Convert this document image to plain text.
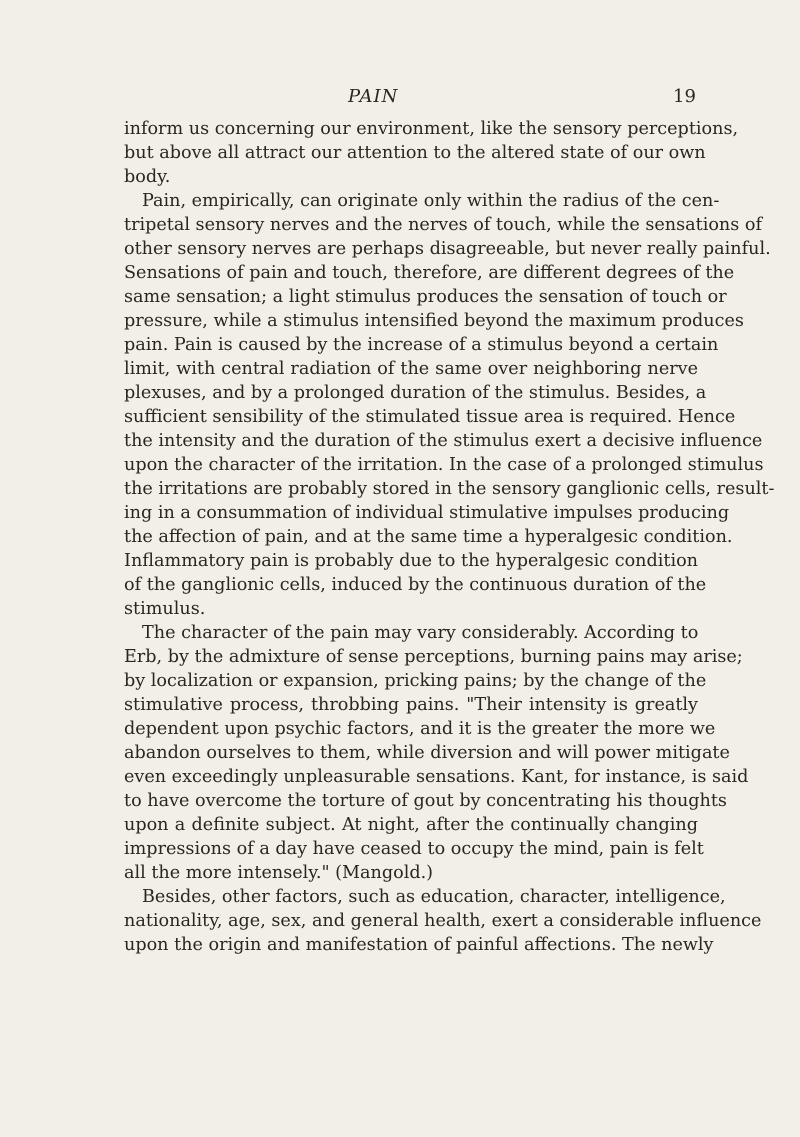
PAIN	19
inform us concerning our environment, like the sensory perceptions,
but above all attract our attention to the altered state of our own
body.
Pain, empirically, can originate only within the radius of the cen-
tripetal sensory nerves and the nerves of touch, while the sensations of
other sensory nerves are perhaps disagreeable, but never really painful.
Sensations of pain and touch, therefore, are different degrees of the
same sensation; a light stimulus produces the sensation of touch or
pressure, while a stimulus intensified beyond the maximum produces
pain. Pain is caused by the increase of a stimulus beyond a certain
limit, with central radiation of the same over neighboring nerve
plexuses, and by a prolonged duration of the stimulus. Besides, a
sufficient sensibility of the stimulated tissue area is required. Hence
the intensity and the duration of the stimulus exert a decisive influence
upon the character of the irritation. In the case of a prolonged stimulus
the irritations are probably stored in the sensory ganglionic cells, result-
ing in a consummation of individual stimulative impulses producing
the affection of pain, and at the same time a hyperalgesic condition.
Inflammatory pain is probably due to the hyperalgesic condition
of the ganglionic cells, induced by the continuous duration of the
stimulus.
The character of the pain may vary considerably. According to
Erb, by the admixture of sense perceptions, burning pains may arise;
by localization or expansion, pricking pains; by the change of the
stimulative process, throbbing pains. "Their intensity is greatly
dependent upon psychic factors, and it is the greater the more we
abandon ourselves to them, while diversion and will power mitigate
even exceedingly unpleasurable sensations. Kant, for instance, is said
to have overcome the torture of gout by concentrating his thoughts
upon a definite subject. At night, after the continually changing
impressions of a day have ceased to occupy the mind, pain is felt
all the more intensely." (Mangold.)
Besides, other factors, such as education, character, intelligence,
nationality, age, sex, and general health, exert a considerable influence
upon the origin and manifestation of painful affections. The newly
